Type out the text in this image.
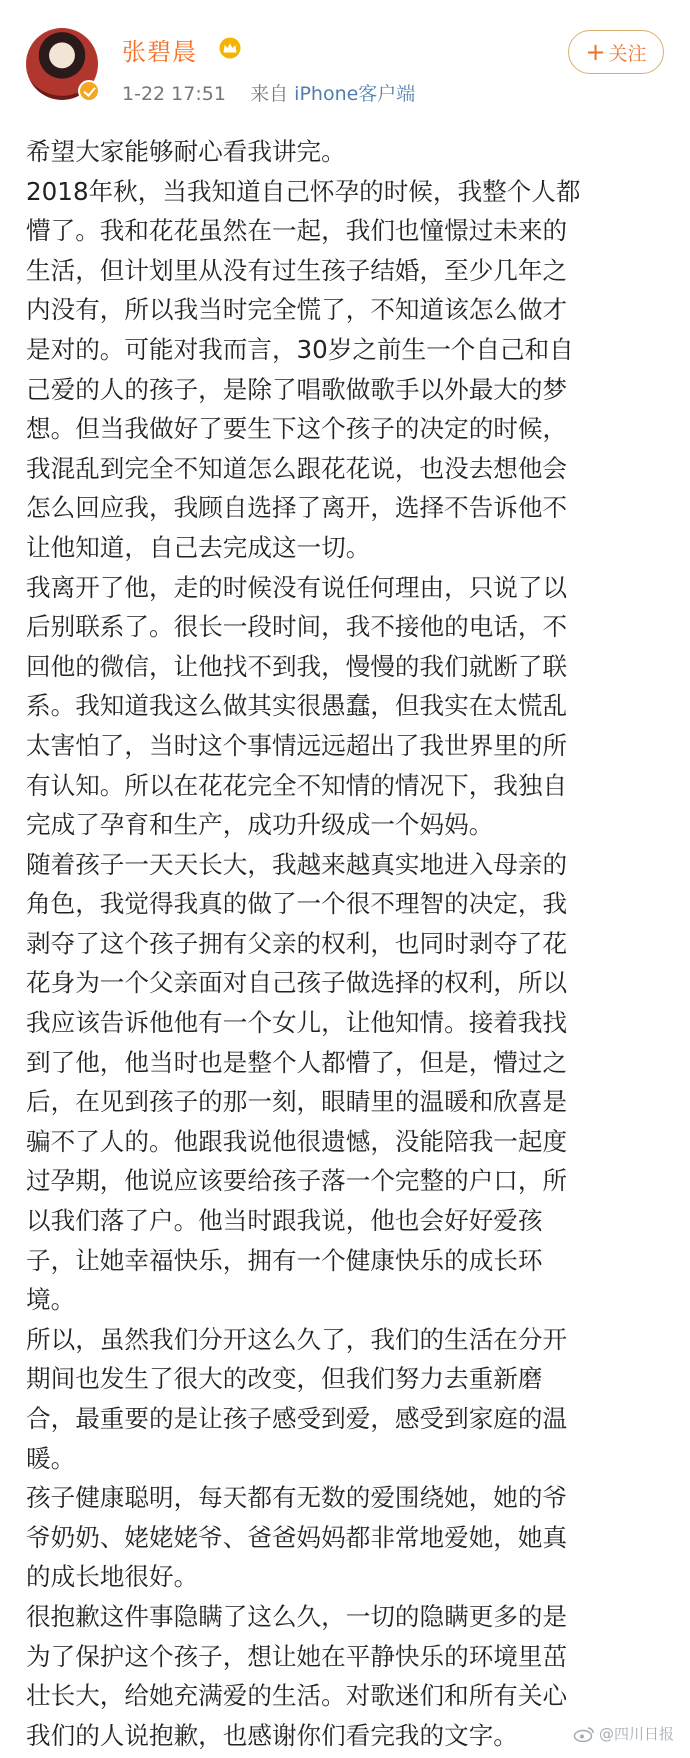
张碧晨
1-22 17:51 来自 iPhone客户端
+ 关注

希望大家能够耐心看我讲完。

2018年秋，当我知道自己怀孕的时候，我整个人都

懵了。我和花花虽然在一起，我们也憧憬过未来的

生活，但计划里从没有过生孩子结婚，至少几年之

内没有，所以我当时完全慌了，不知道该怎么做才

是对的。可能对我而言，30岁之前生一个自己和自

己爱的人的孩子，是除了唱歌做歌手以外最大的梦

想。但当我做好了要生下这个孩子的决定的时候，

我混乱到完全不知道怎么跟花花说，也没去想他会

怎么回应我，我顾自选择了离开，选择不告诉他不

让他知道，自己去完成这一切。

我离开了他，走的时候没有说任何理由，只说了以

后别联系了。很长一段时间，我不接他的电话，不

回他的微信，让他找不到我，慢慢的我们就断了联

系。我知道我这么做其实很愚蠢，但我实在太慌乱

太害怕了，当时这个事情远远超出了我世界里的所

有认知。所以在花花完全不知情的情况下，我独自

完成了孕育和生产，成功升级成一个妈妈。

随着孩子一天天长大，我越来越真实地进入母亲的

角色，我觉得我真的做了一个很不理智的决定，我

剥夺了这个孩子拥有父亲的权利，也同时剥夺了花

花身为一个父亲面对自己孩子做选择的权利，所以

我应该告诉他他有一个女儿，让他知情。接着我找

到了他，他当时也是整个人都懵了，但是，懵过之

后，在见到孩子的那一刻，眼睛里的温暖和欣喜是

骗不了人的。他跟我说他很遗憾，没能陪我一起度

过孕期，他说应该要给孩子落一个完整的户口，所

以我们落了户。他当时跟我说，他也会好好爱孩

子，让她幸福快乐，拥有一个健康快乐的成长环

境。

所以，虽然我们分开这么久了，我们的生活在分开

期间也发生了很大的改变，但我们努力去重新磨

合，最重要的是让孩子感受到爱，感受到家庭的温

暖。

孩子健康聪明，每天都有无数的爱围绕她，她的爷

爷奶奶、姥姥姥爷、爸爸妈妈都非常地爱她，她真

的成长地很好。

很抱歉这件事隐瞒了这么久，一切的隐瞒更多的是

为了保护这个孩子，想让她在平静快乐的环境里茁

壮长大，给她充满爱的生活。对歌迷们和所有关心

我们的人说抱歉，也感谢你们看完我的文字。	@四川日报
